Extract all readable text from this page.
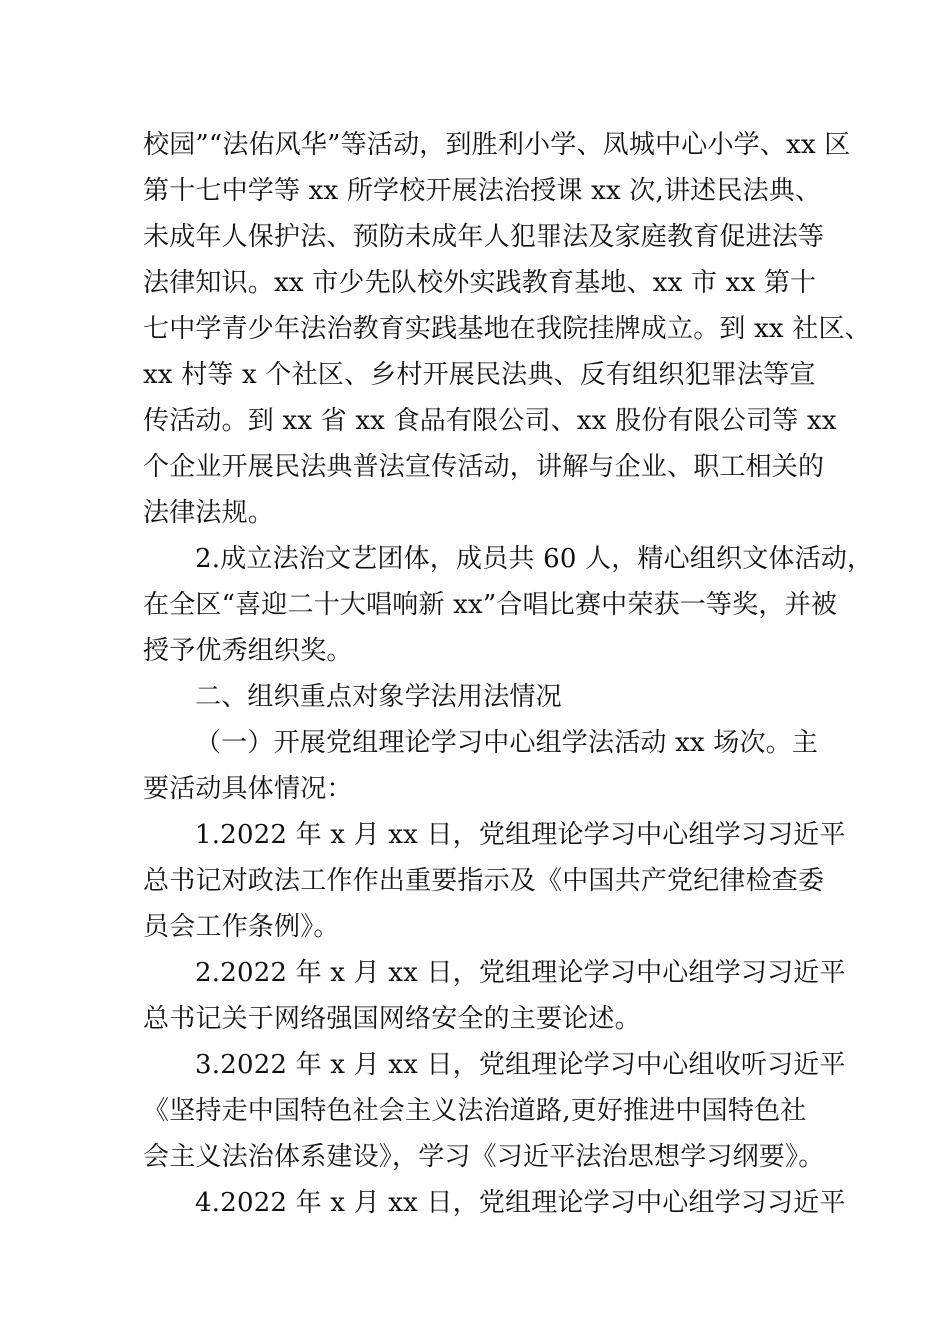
校园”“法佑风华”等活动，到胜利小学、凤城中心小学、xx 区
第十七中学等 xx 所学校开展法治授课 xx 次,讲述民法典、
未成年人保护法、预防未成年人犯罪法及家庭教育促进法等
法律知识。xx 市少先队校外实践教育基地、xx 市 xx 第十
七中学青少年法治教育实践基地在我院挂牌成立。到 xx 社区、
xx 村等 x 个社区、乡村开展民法典、反有组织犯罪法等宣
传活动。到 xx 省 xx 食品有限公司、xx 股份有限公司等 xx
个企业开展民法典普法宣传活动，讲解与企业、职工相关的
法律法规。
2.成立法治文艺团体，成员共 60 人，精心组织文体活动，
在全区“喜迎二十大唱响新 xx”合唱比赛中荣获一等奖，并被
授予优秀组织奖。
二、组织重点对象学法用法情况
（一）开展党组理论学习中心组学法活动 xx 场次。主
要活动具体情况：
1.2022 年 x 月 xx 日，党组理论学习中心组学习习近平
总书记对政法工作作出重要指示及《中国共产党纪律检查委
员会工作条例》。
2.2022 年 x 月 xx 日，党组理论学习中心组学习习近平
总书记关于网络强国网络安全的主要论述。
3.2022 年 x 月 xx 日，党组理论学习中心组收听习近平
《坚持走中国特色社会主义法治道路,更好推进中国特色社
会主义法治体系建设》，学习《习近平法治思想学习纲要》。
4.2022 年 x 月 xx 日，党组理论学习中心组学习习近平
